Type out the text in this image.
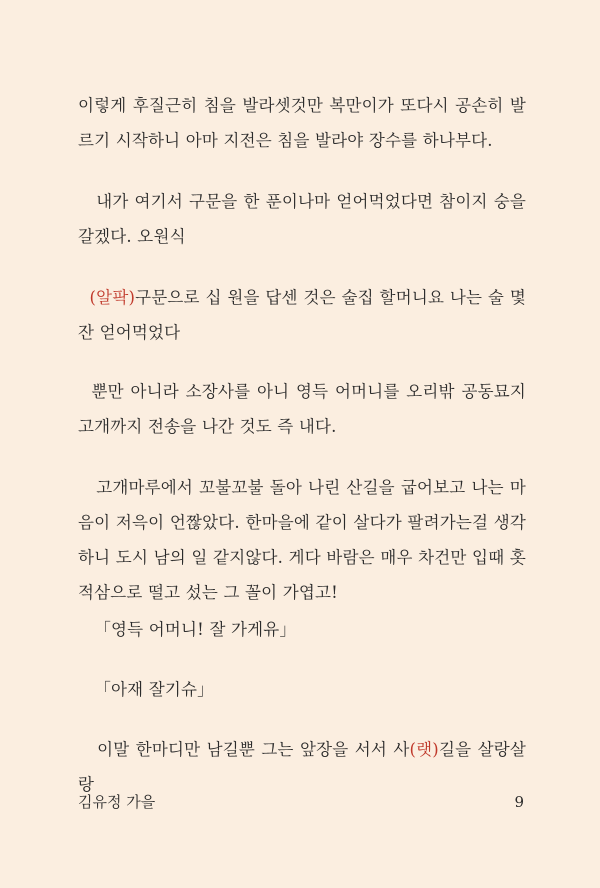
이렇게 후질근히 침을 발라셋것만 복만이가 또다시 공손히 발르기 시작하니 아마 지전은 침을 발라야 장수를 하나부다.
내가 여기서 구문을 한 푼이나마 얻어먹었다면 참이지 숭을 갈겠다. 오원식
(알팍)구문으로 십 원을 답센 것은 술집 할머니요 나는 술 몇 잔 얻어먹었다
뿐만 아니라 소장사를 아니 영득 어머니를 오리밖 공동묘지 고개까지 전송을 나간 것도 즉 내다.
고개마루에서 꼬불꼬불 돌아 나린 산길을 굽어보고 나는 마음이 저윽이 언짢았다. 한마을에 같이 살다가 팔려가는걸 생각하니 도시 남의 일 같지않다. 게다 바람은 매우 차건만 입때 홋적삼으로 떨고 섰는 그 꼴이 가엽고!
「영득 어머니! 잘 가게유」
「아재 잘기슈」
이말 한마디만 남길뿐 그는 앞장을 서서 사(랫)길을 살랑살랑
김유정 가을	9
